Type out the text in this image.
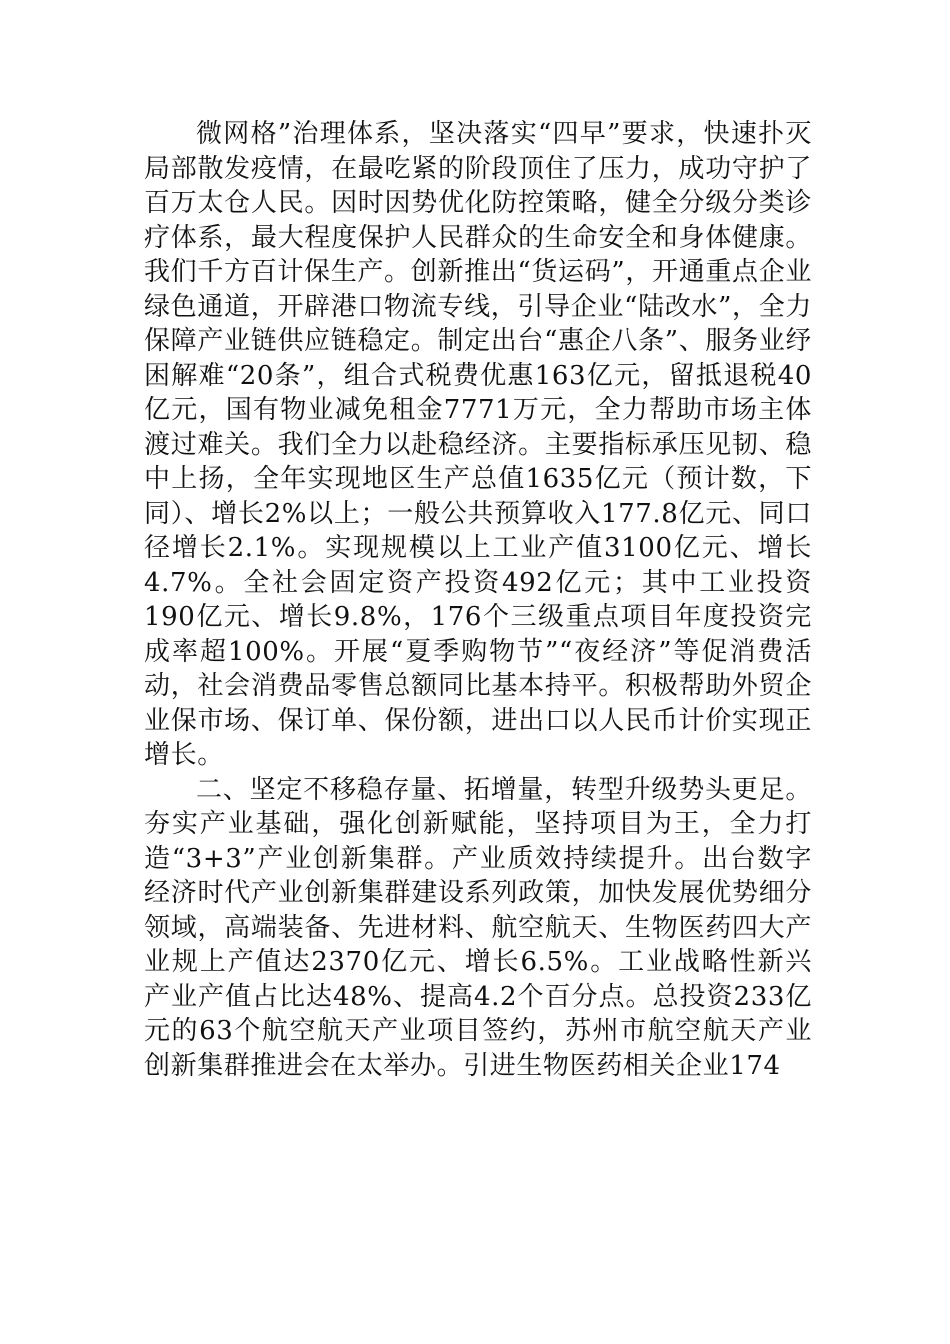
微网格”治理体系，坚决落实“四早”要求，快速扑灭局部散发疫情，在最吃紧的阶段顶住了压力，成功守护了百万太仓人民。因时因势优化防控策略，健全分级分类诊疗体系，最大程度保护人民群众的生命安全和身体健康。我们千方百计保生产。创新推出“货运码”，开通重点企业绿色通道，开辟港口物流专线，引导企业“陆改水”，全力保障产业链供应链稳定。制定出台“惠企八条”、服务业纾困解难“20条”，组合式税费优惠163亿元，留抵退税40亿元，国有物业减免租金7771万元，全力帮助市场主体渡过难关。我们全力以赴稳经济。主要指标承压见韧、稳中上扬，全年实现地区生产总值1635亿元（预计数，下同）、增长2%以上；一般公共预算收入177.8亿元、同口径增长2.1%。实现规模以上工业产值3100亿元、增长4.7%。全社会固定资产投资492亿元；其中工业投资190亿元、增长9.8%，176个三级重点项目年度投资完成率超100%。开展“夏季购物节”“夜经济”等促消费活动，社会消费品零售总额同比基本持平。积极帮助外贸企业保市场、保订单、保份额，进出口以人民币计价实现正增长。

二、坚定不移稳存量、拓增量，转型升级势头更足。夯实产业基础，强化创新赋能，坚持项目为王，全力打造“3+3”产业创新集群。产业质效持续提升。出台数字经济时代产业创新集群建设系列政策，加快发展优势细分领域，高端装备、先进材料、航空航天、生物医药四大产业规上产值达2370亿元、增长6.5%。工业战略性新兴产业产值占比达48%、提高4.2个百分点。总投资233亿元的63个航空航天产业项目签约，苏州市航空航天产业创新集群推进会在太举办。引进生物医药相关企业174
